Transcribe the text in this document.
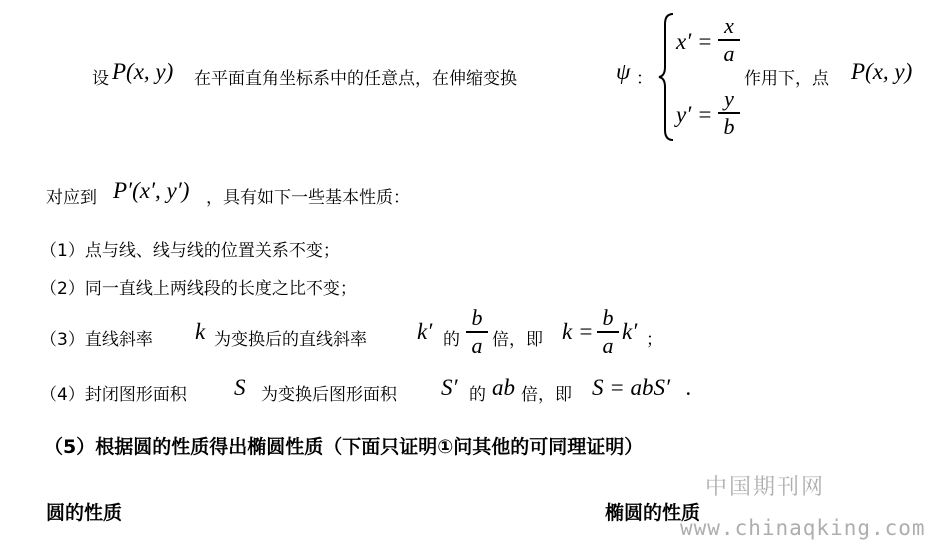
设 P(x, y) 在平面直角坐标系中的任意点，在伸缩变换	ψ ：
x′ =
x
a
y′ =
y
b
作用下，点 P(x, y)
对应到 P′(x′, y′) ，具有如下一些基本性质：
（1）点与线、线与线的位置关系不变；
（2）同一直线上两线段的长度之比不变；
（3）直线斜率 k 为变换后的直线斜率 k′ 的
b
a 倍，即 k =
b
a
k′ ；
（4）封闭图形面积 S 为变换后图形面积 S′ 的 ab 倍，即 S = abS′ .
（5）根据圆的性质得出椭圆性质（下面只证明①问其他的可同理证明）
圆的性质	椭圆的性质
中国期刊网
www.chinaqking.com
